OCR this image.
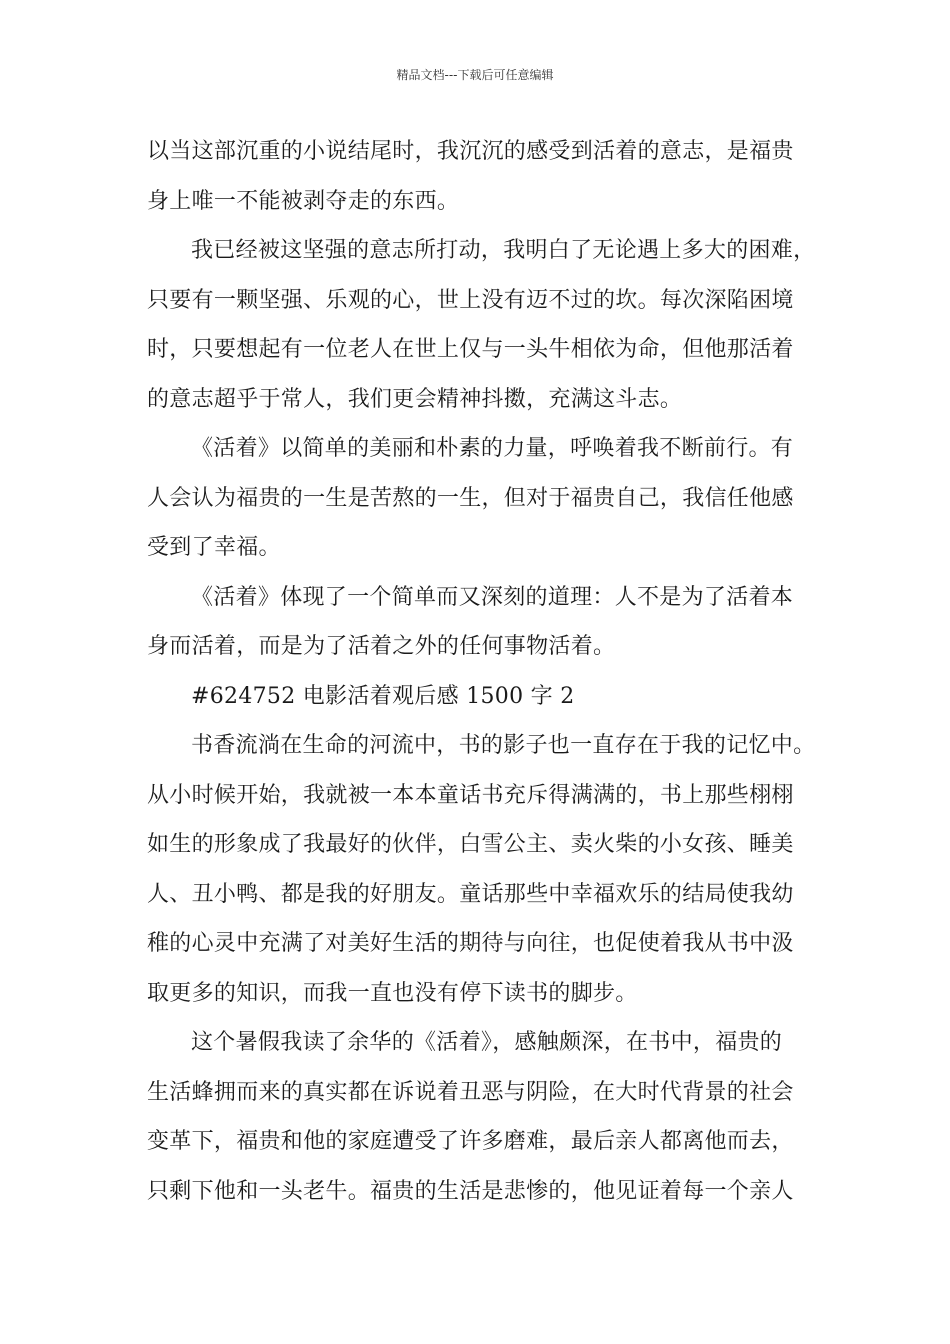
精品文档---下载后可任意编辑
以当这部沉重的小说结尾时，我沉沉的感受到活着的意志，是福贵
身上唯一不能被剥夺走的东西。
我已经被这坚强的意志所打动，我明白了无论遇上多大的困难，
只要有一颗坚强、乐观的心，世上没有迈不过的坎。每次深陷困境
时，只要想起有一位老人在世上仅与一头牛相依为命，但他那活着
的意志超乎于常人，我们更会精神抖擞，充满这斗志。
《活着》以简单的美丽和朴素的力量，呼唤着我不断前行。有
人会认为福贵的一生是苦熬的一生，但对于福贵自己，我信任他感
受到了幸福。
《活着》体现了一个简单而又深刻的道理：人不是为了活着本
身而活着，而是为了活着之外的任何事物活着。
#624752 电影活着观后感 1500 字 2
书香流淌在生命的河流中，书的影子也一直存在于我的记忆中。
从小时候开始，我就被一本本童话书充斥得满满的，书上那些栩栩
如生的形象成了我最好的伙伴，白雪公主、卖火柴的小女孩、睡美
人、丑小鸭、都是我的好朋友。童话那些中幸福欢乐的结局使我幼
稚的心灵中充满了对美好生活的期待与向往，也促使着我从书中汲
取更多的知识，而我一直也没有停下读书的脚步。
这个暑假我读了余华的《活着》，感触颇深，在书中，福贵的
生活蜂拥而来的真实都在诉说着丑恶与阴险，在大时代背景的社会
变革下，福贵和他的家庭遭受了许多磨难，最后亲人都离他而去，
只剩下他和一头老牛。福贵的生活是悲惨的，他见证着每一个亲人
